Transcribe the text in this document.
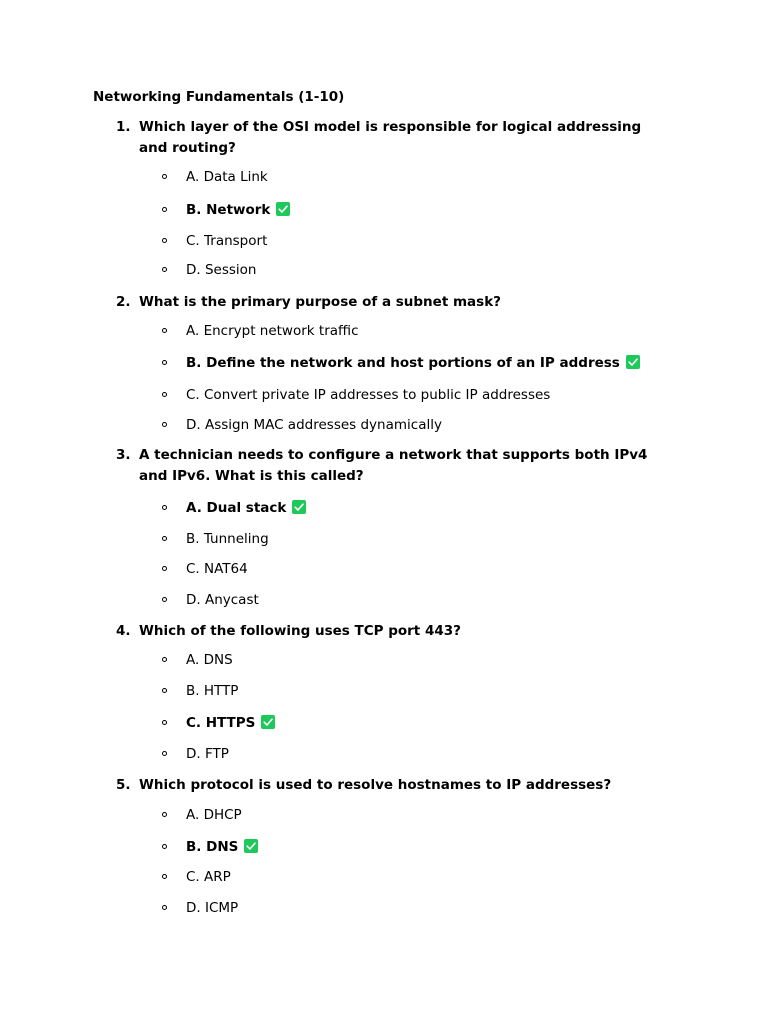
Networking Fundamentals (1-10)
1. Which layer of the OSI model is responsible for logical addressing and routing?
A. Data Link
B. Network
C. Transport
D. Session
2. What is the primary purpose of a subnet mask?
A. Encrypt network traffic
B. Define the network and host portions of an IP address
C. Convert private IP addresses to public IP addresses
D. Assign MAC addresses dynamically
3. A technician needs to configure a network that supports both IPv4 and IPv6. What is this called?
A. Dual stack
B. Tunneling
C. NAT64
D. Anycast
4. Which of the following uses TCP port 443?
A. DNS
B. HTTP
C. HTTPS
D. FTP
5. Which protocol is used to resolve hostnames to IP addresses?
A. DHCP
B. DNS
C. ARP
D. ICMP
